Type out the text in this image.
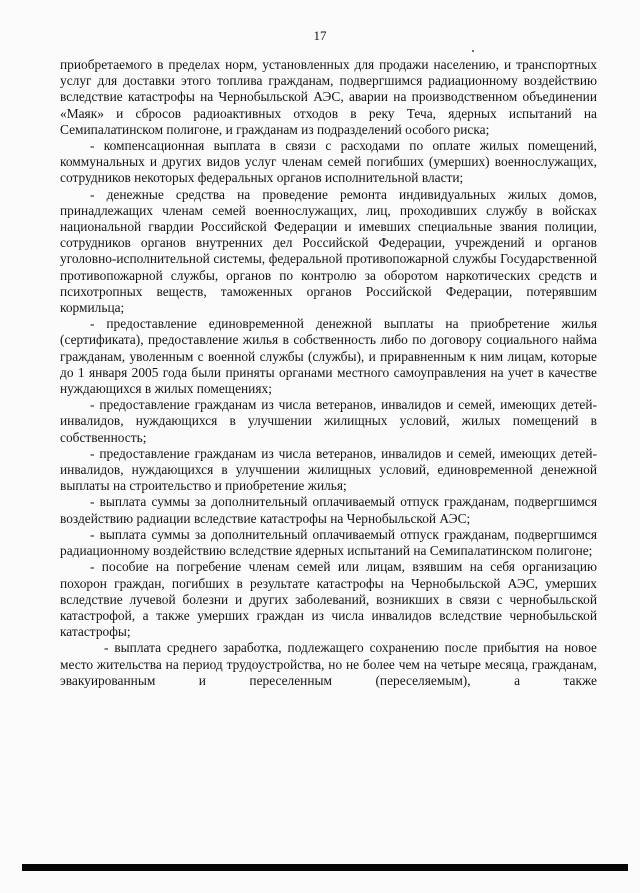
17

приобретаемого в пределах норм, установленных для продажи населению, и транспортных услуг для доставки этого топлива гражданам, подвергшимся радиационному воздействию вследствие катастрофы на Чернобыльской АЭС, аварии на производственном объединении «Маяк» и сбросов радиоактивных отходов в реку Теча, ядерных испытаний на Семипалатинском полигоне, и гражданам из подразделений особого риска;

- компенсационная выплата в связи с расходами по оплате жилых помещений, коммунальных и других видов услуг членам семей погибших (умерших) военнослужащих, сотрудников некоторых федеральных органов исполнительной власти;

- денежные средства на проведение ремонта индивидуальных жилых домов, принадлежащих членам семей военнослужащих, лиц, проходивших службу в войсках национальной гвардии Российской Федерации и имевших специальные звания полиции, сотрудников органов внутренних дел Российской Федерации, учреждений и органов уголовно-исполнительной системы, федеральной противопожарной службы Государственной противопожарной службы, органов по контролю за оборотом наркотических средств и психотропных веществ, таможенных органов Российской Федерации, потерявшим кормильца;

- предоставление единовременной денежной выплаты на приобретение жилья (сертификата), предоставление жилья в собственность либо по договору социального найма гражданам, уволенным с военной службы (службы), и приравненным к ним лицам, которые до 1 января 2005 года были приняты органами местного самоуправления на учет в качестве нуждающихся в жилых помещениях;

- предоставление гражданам из числа ветеранов, инвалидов и семей, имеющих детей-инвалидов, нуждающихся в улучшении жилищных условий, жилых помещений в собственность;

- предоставление гражданам из числа ветеранов, инвалидов и семей, имеющих детей-инвалидов, нуждающихся в улучшении жилищных условий, единовременной денежной выплаты на строительство и приобретение жилья;

- выплата суммы за дополнительный оплачиваемый отпуск гражданам, подвергшимся воздействию радиации вследствие катастрофы на Чернобыльской АЭС;

- выплата суммы за дополнительный оплачиваемый отпуск гражданам, подвергшимся радиационному воздействию вследствие ядерных испытаний на Семипалатинском полигоне;

- пособие на погребение членам семей или лицам, взявшим на себя организацию похорон граждан, погибших в результате катастрофы на Чернобыльской АЭС, умерших вследствие лучевой болезни и других заболеваний, возникших в связи с чернобыльской катастрофой, а также умерших граждан из числа инвалидов вследствие чернобыльской катастрофы;

- выплата среднего заработка, подлежащего сохранению после прибытия на новое место жительства на период трудоустройства, но не более чем на четыре месяца, гражданам, эвакуированным и переселенным (переселяемым), а также
